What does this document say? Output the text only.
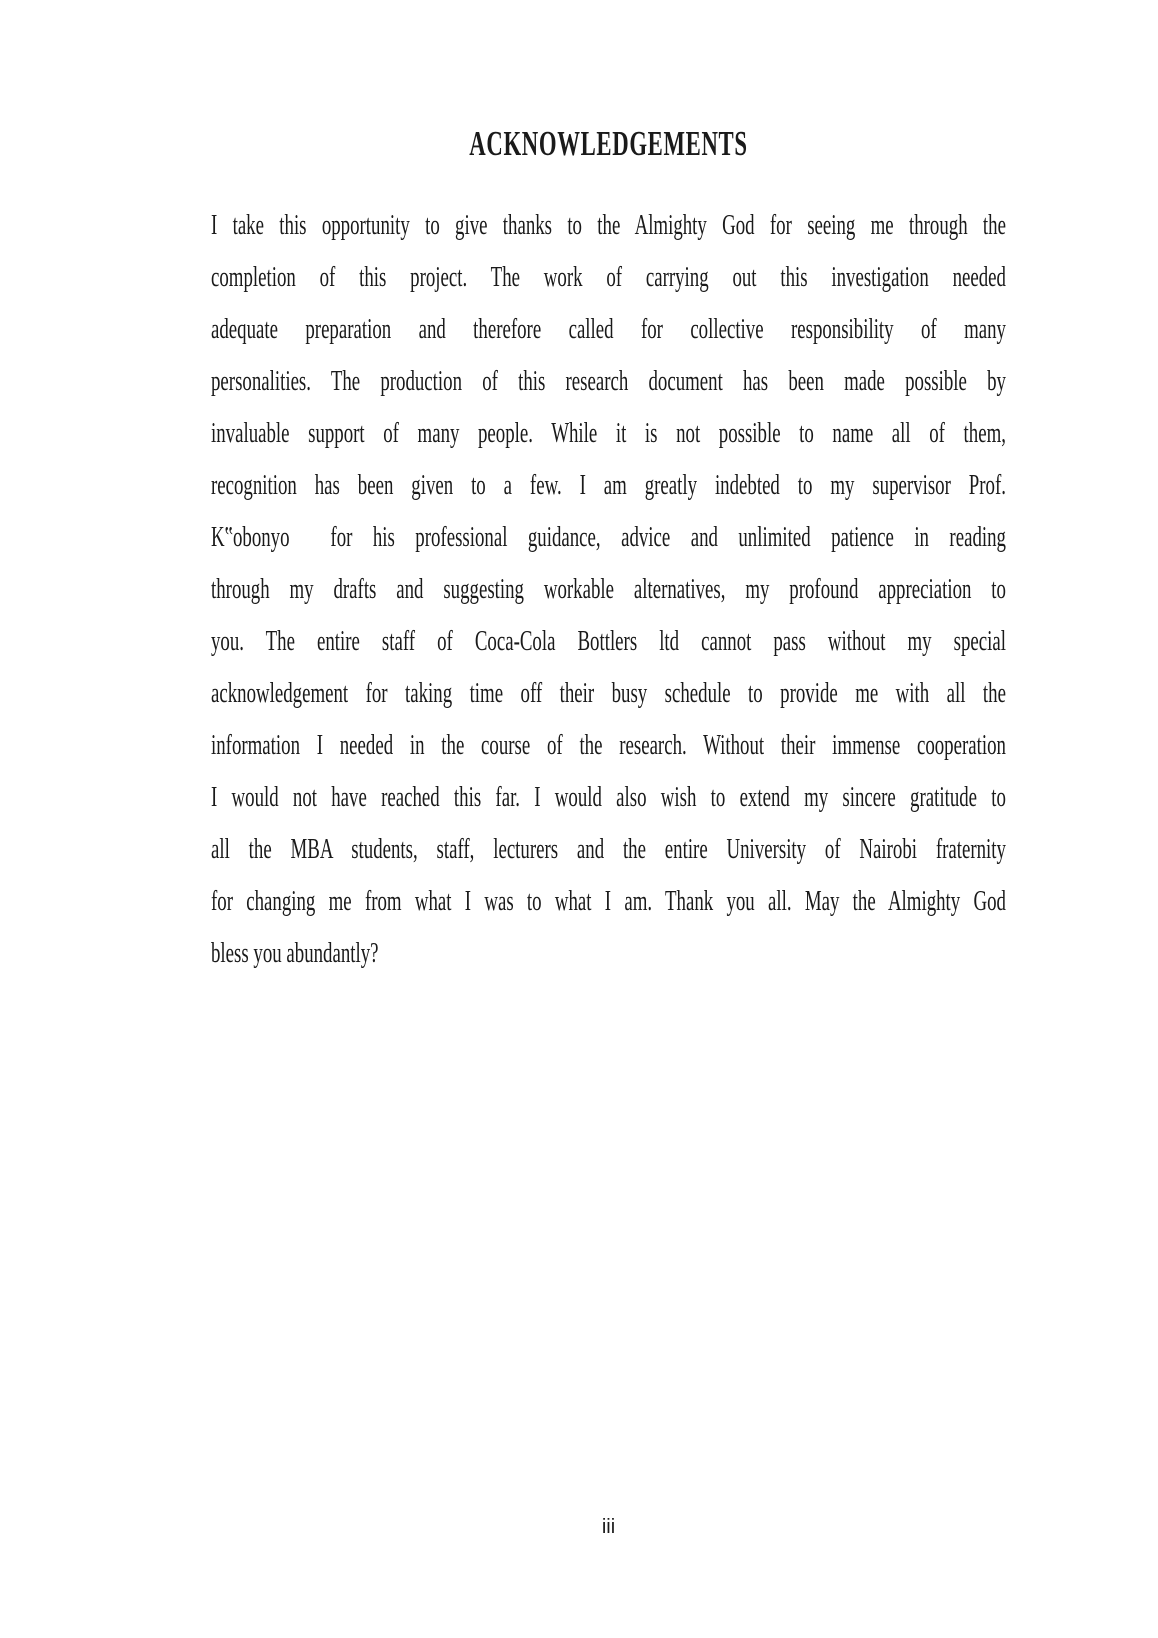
ACKNOWLEDGEMENTS
I take this opportunity to give thanks to the Almighty God for seeing me through the
completion of this project. The work of carrying out this investigation needed
adequate preparation and therefore called for collective responsibility of many
personalities. The production of this research document has been made possible by
invaluable support of many people. While it is not possible to name all of them,
recognition has been given to a few. I am greatly indebted to my supervisor Prof.
K‟obonyo  for his professional guidance, advice and unlimited patience in reading
through my drafts and suggesting workable alternatives, my profound appreciation to
you. The entire staff of Coca-Cola Bottlers ltd cannot pass without my special
acknowledgement for taking time off their busy schedule to provide me with all the
information I needed in the course of the research. Without their immense cooperation
I would not have reached this far. I would also wish to extend my sincere gratitude to
all the MBA students, staff, lecturers and the entire University of Nairobi fraternity
for changing me from what I was to what I am. Thank you all. May the Almighty God
bless you abundantly?
iii
